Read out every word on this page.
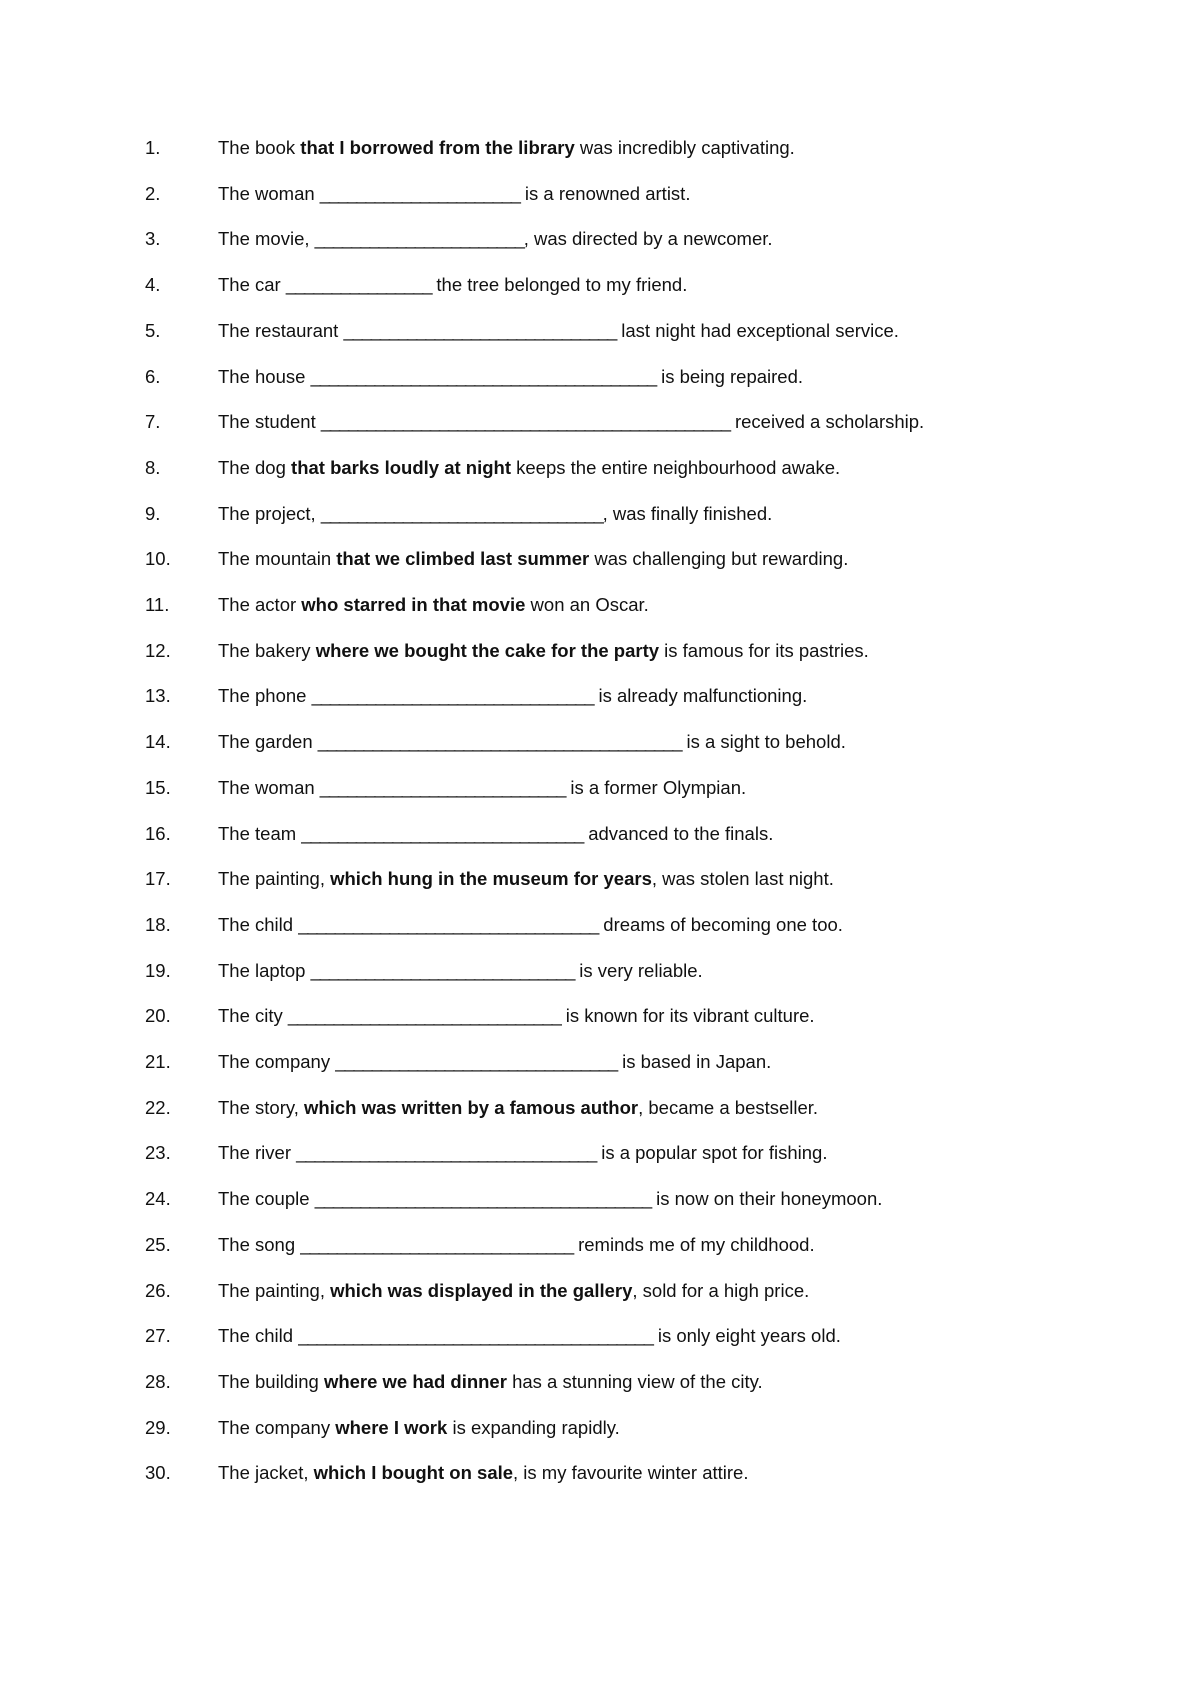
1.	The book that I borrowed from the library was incredibly captivating.
2.	The woman ______________________ is a renowned artist.
3.	The movie, _______________________, was directed by a newcomer.
4.	The car ________________ the tree belonged to my friend.
5.	The restaurant ______________________________ last night had exceptional service.
6.	The house ______________________________________ is being repaired.
7.	The student _____________________________________________ received a scholarship.
8.	The dog that barks loudly at night keeps the entire neighbourhood awake.
9.	The project, _______________________________, was finally finished.
10.	The mountain that we climbed last summer was challenging but rewarding.
11.	The actor who starred in that movie won an Oscar.
12.	The bakery where we bought the cake for the party is famous for its pastries.
13.	The phone _______________________________ is already malfunctioning.
14.	The garden ________________________________________ is a sight to behold.
15.	The woman ___________________________ is a former Olympian.
16.	The team _______________________________ advanced to the finals.
17.	The painting, which hung in the museum for years, was stolen last night.
18.	The child _________________________________ dreams of becoming one too.
19.	The laptop _____________________________ is very reliable.
20.	The city ______________________________ is known for its vibrant culture.
21.	The company _______________________________ is based in Japan.
22.	The story, which was written by a famous author, became a bestseller.
23.	The river _________________________________ is a popular spot for fishing.
24.	The couple _____________________________________ is now on their honeymoon.
25.	The song ______________________________ reminds me of my childhood.
26.	The painting, which was displayed in the gallery, sold for a high price.
27.	The child _______________________________________ is only eight years old.
28.	The building where we had dinner has a stunning view of the city.
29.	The company where I work is expanding rapidly.
30.	The jacket, which I bought on sale, is my favourite winter attire.
